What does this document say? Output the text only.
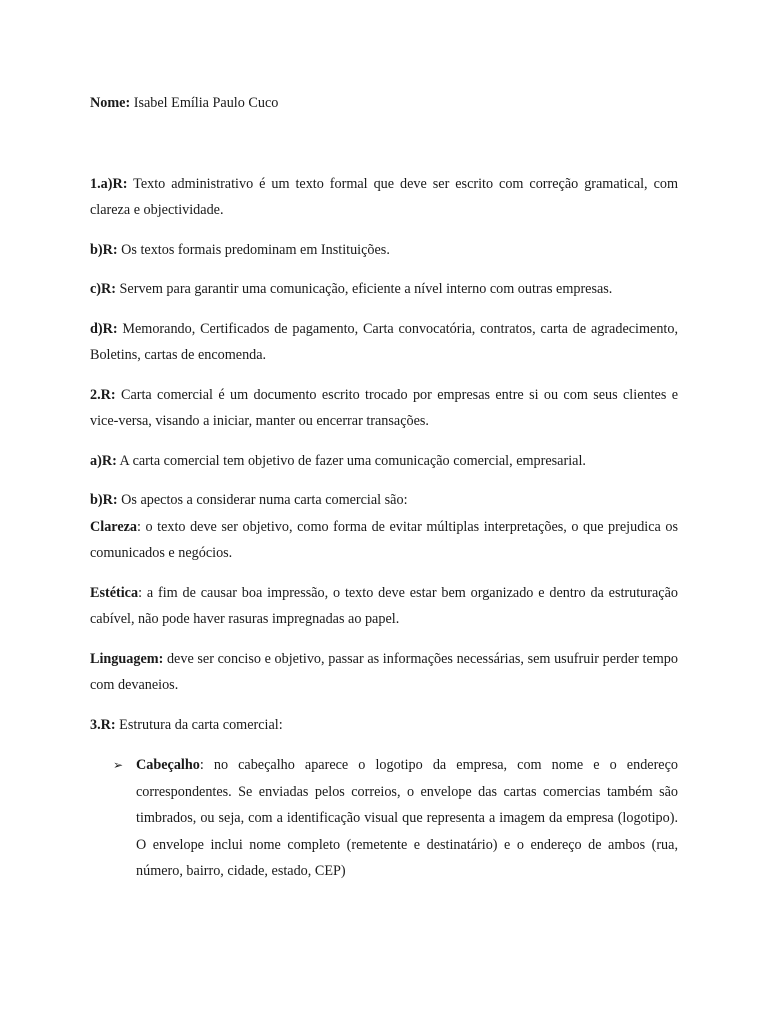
Nome: Isabel Emília Paulo Cuco

1.a)R: Texto administrativo é um texto formal que deve ser escrito com correção gramatical, com clareza e objectividade.

b)R: Os textos formais predominam em Instituições.

c)R: Servem para garantir uma comunicação, eficiente a nível interno com outras empresas.

d)R: Memorando, Certificados de pagamento, Carta convocatória, contratos, carta de agradecimento, Boletins, cartas de encomenda.

2.R: Carta comercial é um documento escrito trocado por empresas entre si ou com seus clientes e vice-versa, visando a iniciar, manter ou encerrar transações.

a)R: A carta comercial tem objetivo de fazer uma comunicação comercial, empresarial.

b)R: Os apectos a considerar numa carta comercial são:

Clareza: o texto deve ser objetivo, como forma de evitar múltiplas interpretações, o que prejudica os comunicados e negócios.

Estética: a fim de causar boa impressão, o texto deve estar bem organizado e dentro da estruturação cabível, não pode haver rasuras impregnadas ao papel.

Linguagem: deve ser conciso e objetivo, passar as informações necessárias, sem usufruir perder tempo com devaneios.

3.R: Estrutura da carta comercial:

➢ Cabeçalho: no cabeçalho aparece o logotipo da empresa, com nome e o endereço correspondentes. Se enviadas pelos correios, o envelope das cartas comercias também são timbrados, ou seja, com a identificação visual que representa a imagem da empresa (logotipo). O envelope inclui nome completo (remetente e destinatário) e o endereço de ambos (rua, número, bairro, cidade, estado, CEP)
